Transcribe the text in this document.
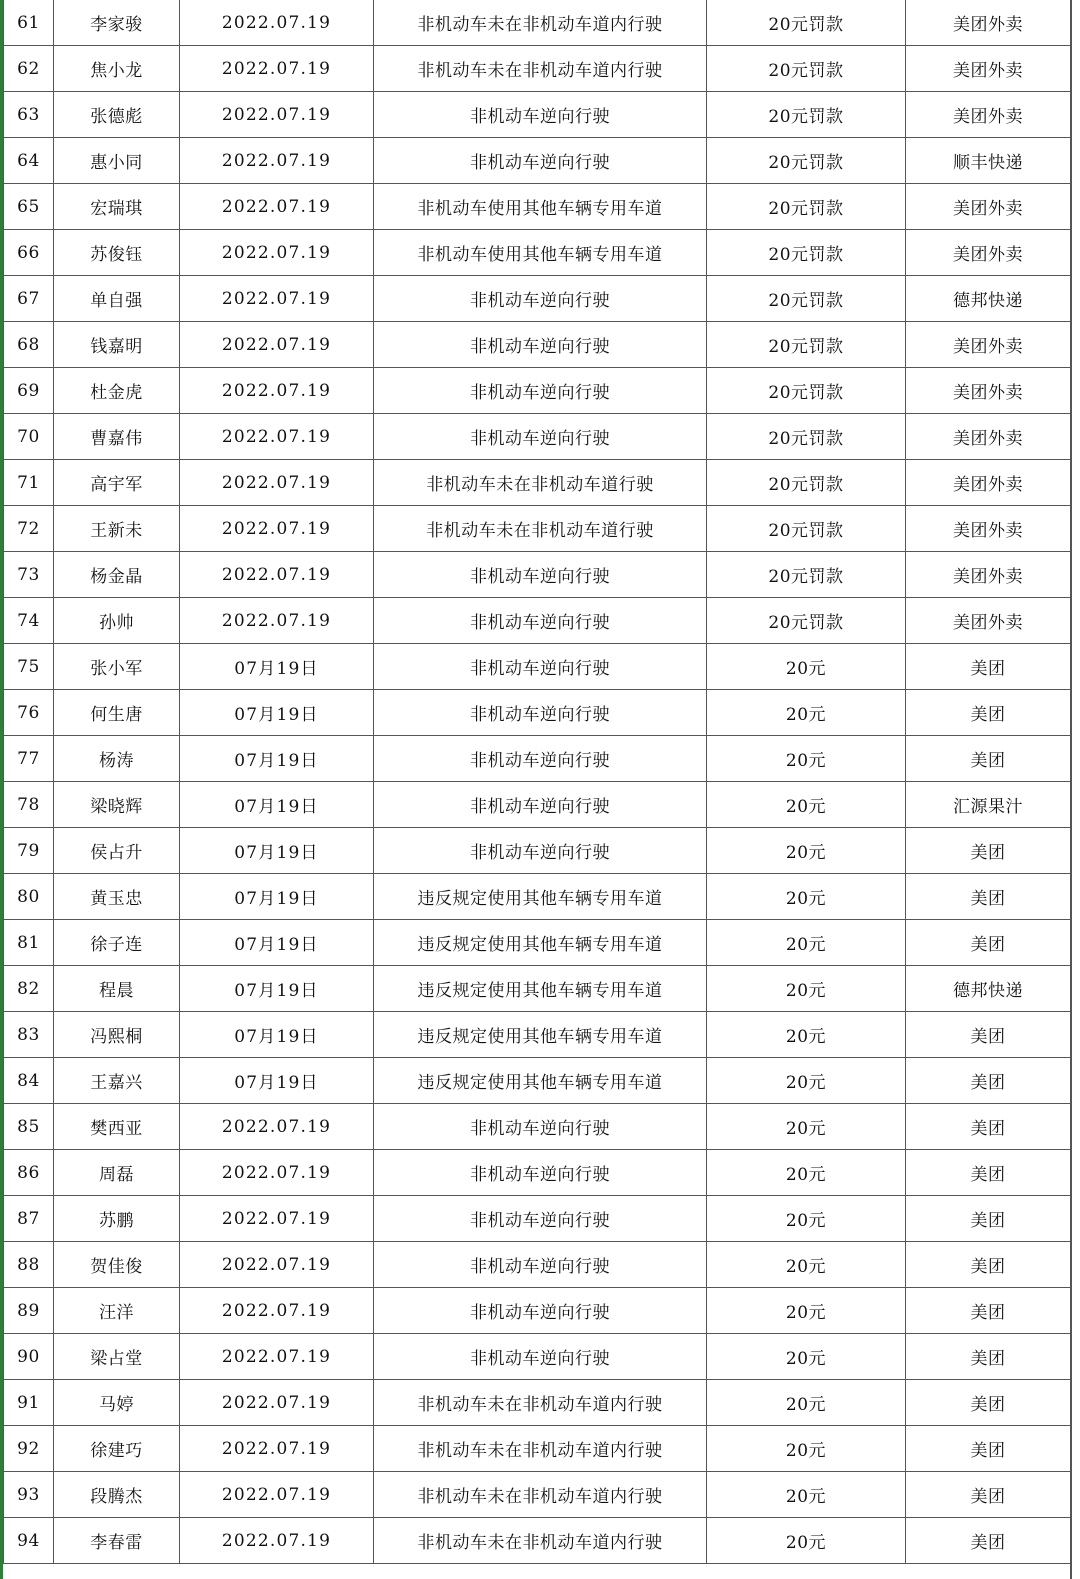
61	李家骏	2022.07.19	非机动车未在非机动车道内行驶	20元罚款	美团外卖
62	焦小龙	2022.07.19	非机动车未在非机动车道内行驶	20元罚款	美团外卖
63	张德彪	2022.07.19	非机动车逆向行驶	20元罚款	美团外卖
64	惠小同	2022.07.19	非机动车逆向行驶	20元罚款	顺丰快递
65	宏瑞琪	2022.07.19	非机动车使用其他车辆专用车道	20元罚款	美团外卖
66	苏俊钰	2022.07.19	非机动车使用其他车辆专用车道	20元罚款	美团外卖
67	单自强	2022.07.19	非机动车逆向行驶	20元罚款	德邦快递
68	钱嘉明	2022.07.19	非机动车逆向行驶	20元罚款	美团外卖
69	杜金虎	2022.07.19	非机动车逆向行驶	20元罚款	美团外卖
70	曹嘉伟	2022.07.19	非机动车逆向行驶	20元罚款	美团外卖
71	高宇军	2022.07.19	非机动车未在非机动车道行驶	20元罚款	美团外卖
72	王新未	2022.07.19	非机动车未在非机动车道行驶	20元罚款	美团外卖
73	杨金晶	2022.07.19	非机动车逆向行驶	20元罚款	美团外卖
74	孙帅	2022.07.19	非机动车逆向行驶	20元罚款	美团外卖
75	张小军	07月19日	非机动车逆向行驶	20元	美团
76	何生唐	07月19日	非机动车逆向行驶	20元	美团
77	杨涛	07月19日	非机动车逆向行驶	20元	美团
78	梁晓辉	07月19日	非机动车逆向行驶	20元	汇源果汁
79	侯占升	07月19日	非机动车逆向行驶	20元	美团
80	黄玉忠	07月19日	违反规定使用其他车辆专用车道	20元	美团
81	徐子连	07月19日	违反规定使用其他车辆专用车道	20元	美团
82	程晨	07月19日	违反规定使用其他车辆专用车道	20元	德邦快递
83	冯熙桐	07月19日	违反规定使用其他车辆专用车道	20元	美团
84	王嘉兴	07月19日	违反规定使用其他车辆专用车道	20元	美团
85	樊西亚	2022.07.19	非机动车逆向行驶	20元	美团
86	周磊	2022.07.19	非机动车逆向行驶	20元	美团
87	苏鹏	2022.07.19	非机动车逆向行驶	20元	美团
88	贺佳俊	2022.07.19	非机动车逆向行驶	20元	美团
89	汪洋	2022.07.19	非机动车逆向行驶	20元	美团
90	梁占堂	2022.07.19	非机动车逆向行驶	20元	美团
91	马婷	2022.07.19	非机动车未在非机动车道内行驶	20元	美团
92	徐建巧	2022.07.19	非机动车未在非机动车道内行驶	20元	美团
93	段腾杰	2022.07.19	非机动车未在非机动车道内行驶	20元	美团
94	李春雷	2022.07.19	非机动车未在非机动车道内行驶	20元	美团
